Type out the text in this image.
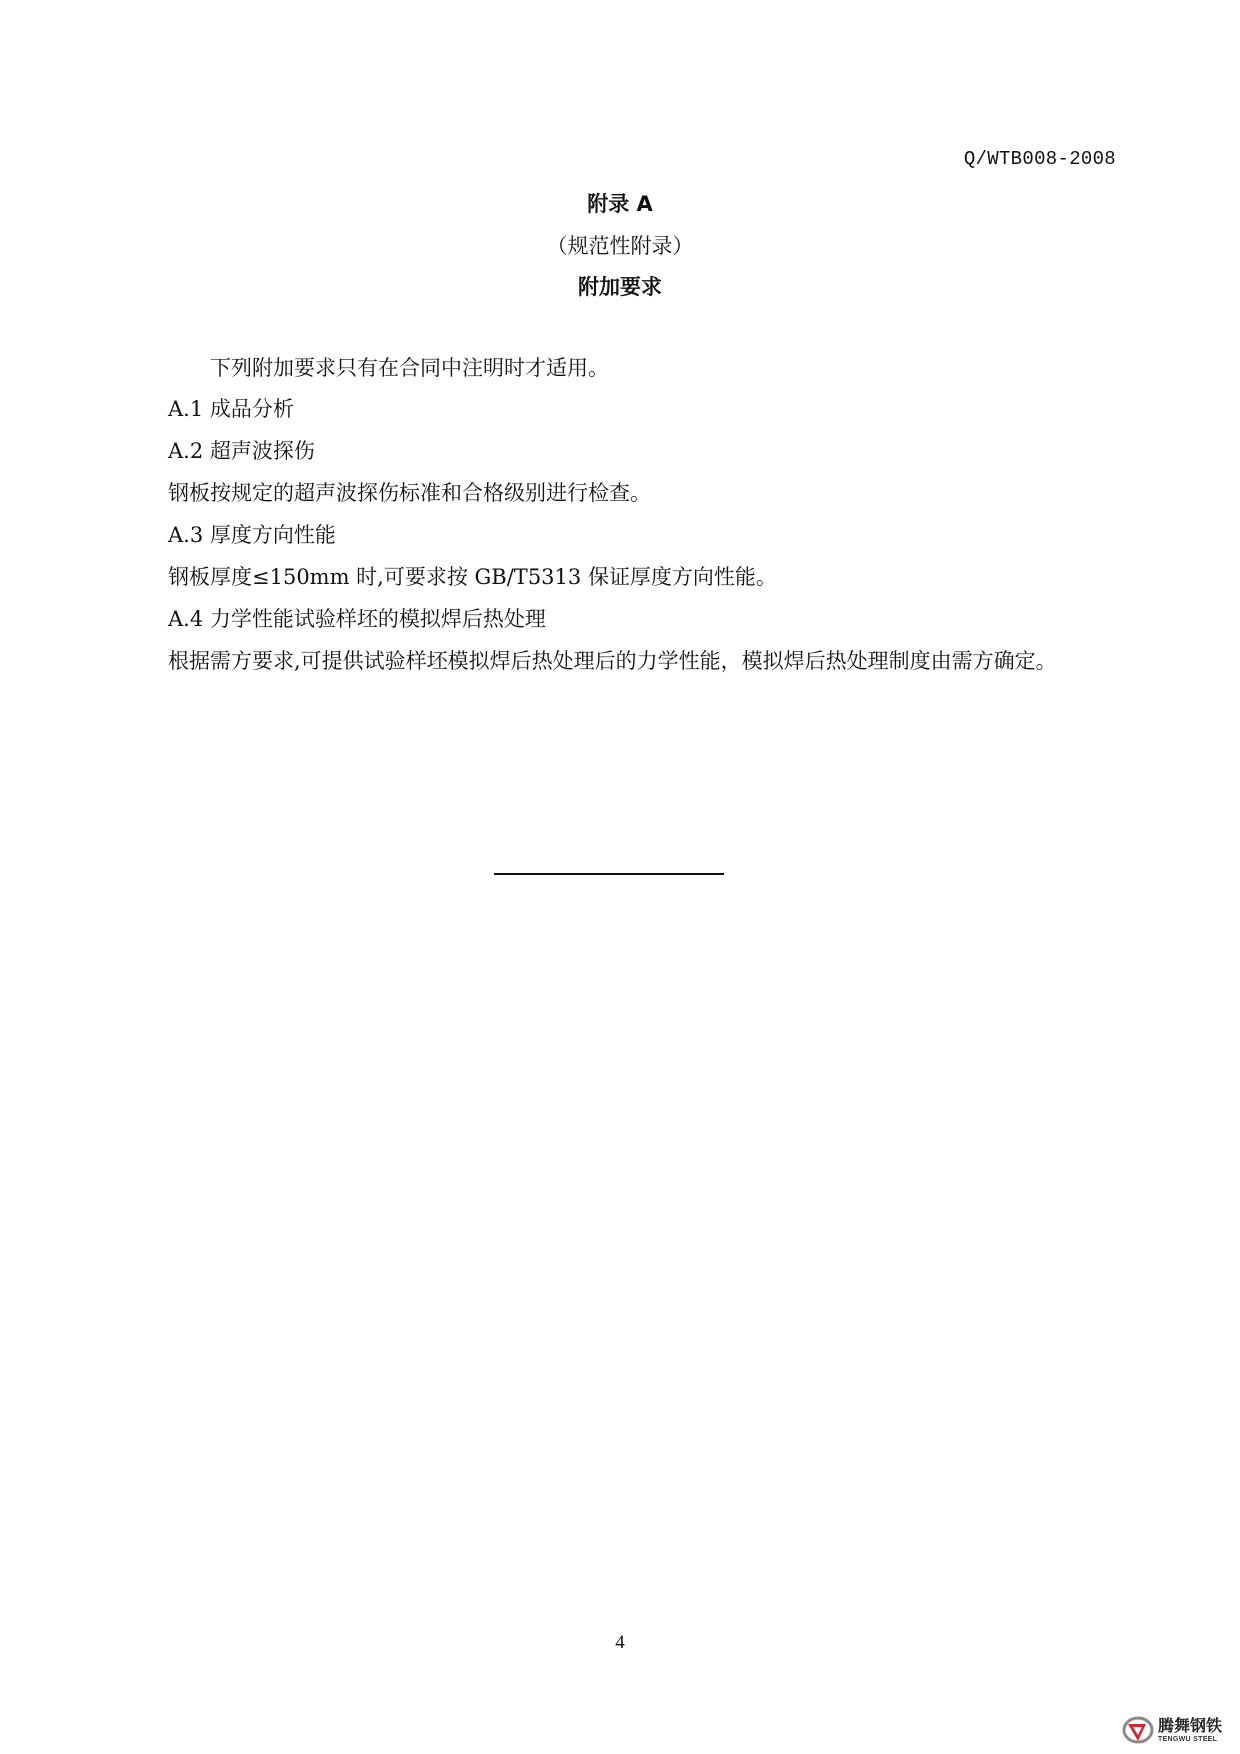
Q/WTB008-2008
附录 A
（规范性附录）
附加要求
下列附加要求只有在合同中注明时才适用。
A.1 成品分析
A.2 超声波探伤
钢板按规定的超声波探伤标准和合格级别进行检查。
A.3 厚度方向性能
钢板厚度≤150mm 时,可要求按 GB/T5313 保证厚度方向性能。
A.4 力学性能试验样坯的模拟焊后热处理
根据需方要求,可提供试验样坯模拟焊后热处理后的力学性能，模拟焊后热处理制度由需方确定。
4
腾舞钢铁
TENGWU STEEL
